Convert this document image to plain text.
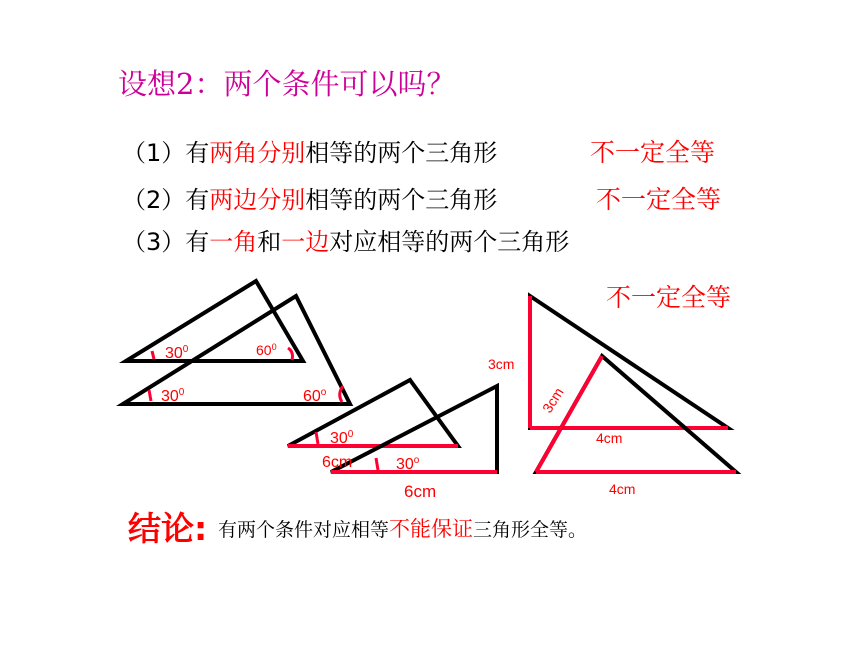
设想2：两个条件可以吗？
（1）有两角分别相等的两个三角形	不一定全等
（2）有两边分别相等的两个三角形	不一定全等
（3）有一角和一边对应相等的两个三角形
不一定全等
$30^0$	$60^0$
$30^0$	60$^o$
$30^0$
30$^o$
6cm
6cm
3cm
3cm
4cm
4cm
结论: 有两个条件对应相等不能保证三角形全等。
